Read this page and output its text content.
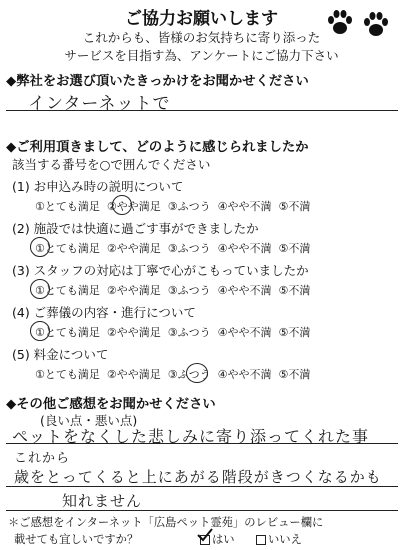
ご協力お願いします
これからも、皆様のお気持ちに寄り添った
サービスを目指す為、アンケートにご協力下さい
◆弊社をお選び頂いたきっかけをお聞かせください
インターネットで
◆ご利用頂きまして、どのように感じられましたか
該当する番号を○で囲んでください
(1) お申込み時の説明について
①とても満足 ②やや満足 ③ふつう ④やや不満 ⑤不満
(2) 施設では快適に過ごす事ができましたか
①とても満足 ②やや満足 ③ふつう ④やや不満 ⑤不満
(3) スタッフの対応は丁寧で心がこもっていましたか
①とても満足 ②やや満足 ③ふつう ④やや不満 ⑤不満
(4) ご葬儀の内容・進行について
①とても満足 ②やや満足 ③ふつう ④やや不満 ⑤不満
(5) 料金について
①とても満足 ②やや満足 ③ふつう ④やや不満 ⑤不満
◆その他ご感想をお聞かせください
(良い点・悪い点)
ペットをなくした悲しみに寄り添ってくれた事
これから
歳をとってくると上にあがる階段がきつくなるかも
知れません
＊ご感想をインターネット「広島ペット霊苑」のレビュー欄に
載せても宜しいですか？	はい	いいえ
